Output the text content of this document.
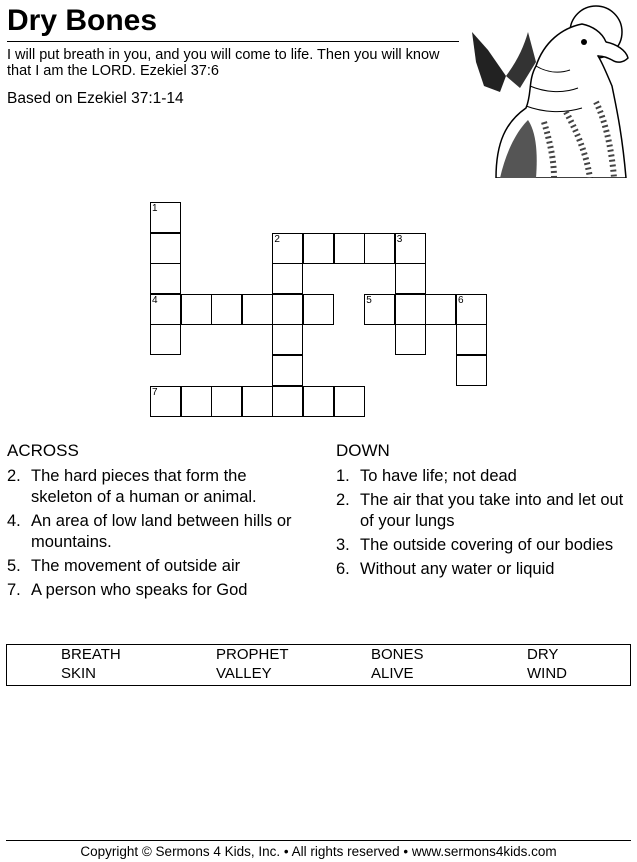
Dry Bones
I will put breath in you, and you will come to life. Then you will know that I am the LORD. Ezekiel 37:6
Based on Ezekiel 37:1-14
1
4
7
2
5
3
6
ACROSS
2. The hard pieces that form the skeleton of a human or animal.
4. An area of low land between hills or mountains.
5. The movement of outside air
7. A person who speaks for God
DOWN
1. To have life; not dead
2. The air that you take into and let out of your lungs
3. The outside covering of our bodies
6. Without any water or liquid
BREATH	PROPHET	BONES	DRY
SKIN	VALLEY	ALIVE	WIND
Copyright © Sermons 4 Kids, Inc. • All rights reserved • www.sermons4kids.com
